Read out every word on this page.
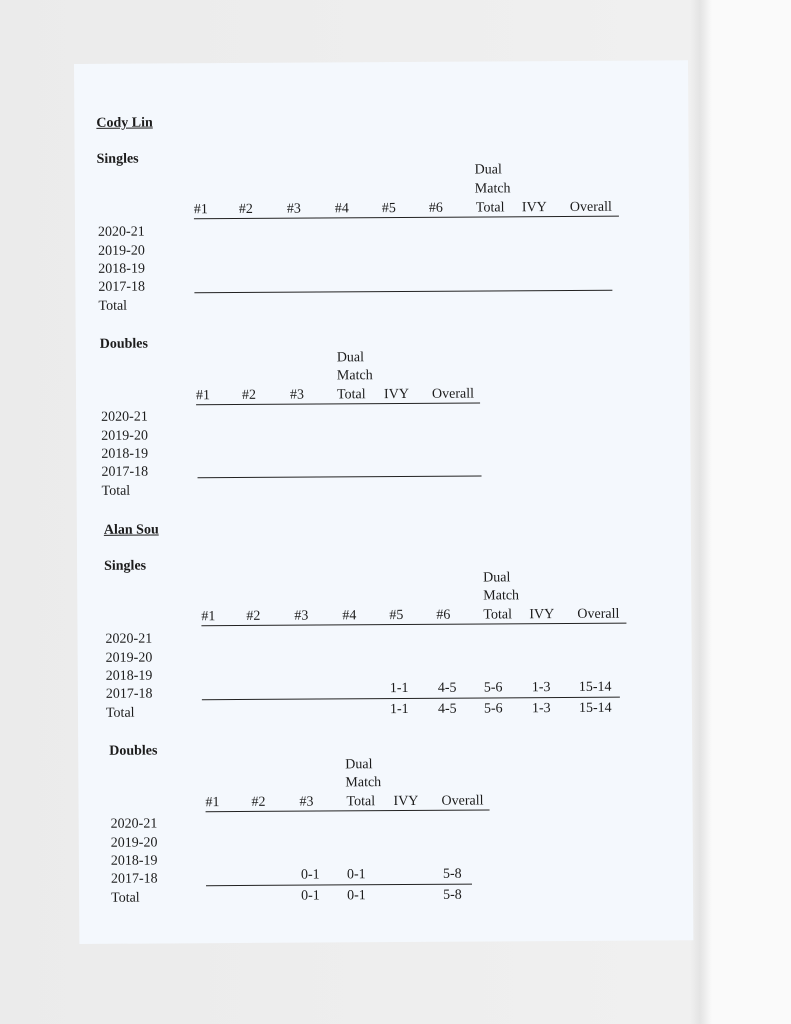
Cody Lin
Singles
Dual
Match
#1 #2 #3 #4 #5 #6 Total IVY Overall
2020-21
2019-20
2018-19
2017-18
Total
Doubles
Dual
Match
#1 #2 #3 Total IVY Overall
2020-21
2019-20
2018-19
2017-18
Total
Alan Sou
Singles
Dual
Match
#1 #2 #3 #4 #5 #6 Total IVY Overall
2020-21
2019-20
2018-19
2017-18
Total
1-1 4-5 5-6 1-3 15-14
1-1 4-5 5-6 1-3 15-14
Doubles
Dual
Match
#1 #2 #3 Total IVY Overall
2020-21
2019-20
2018-19
2017-18
Total
0-1 0-1	5-8
0-1 0-1	5-8
